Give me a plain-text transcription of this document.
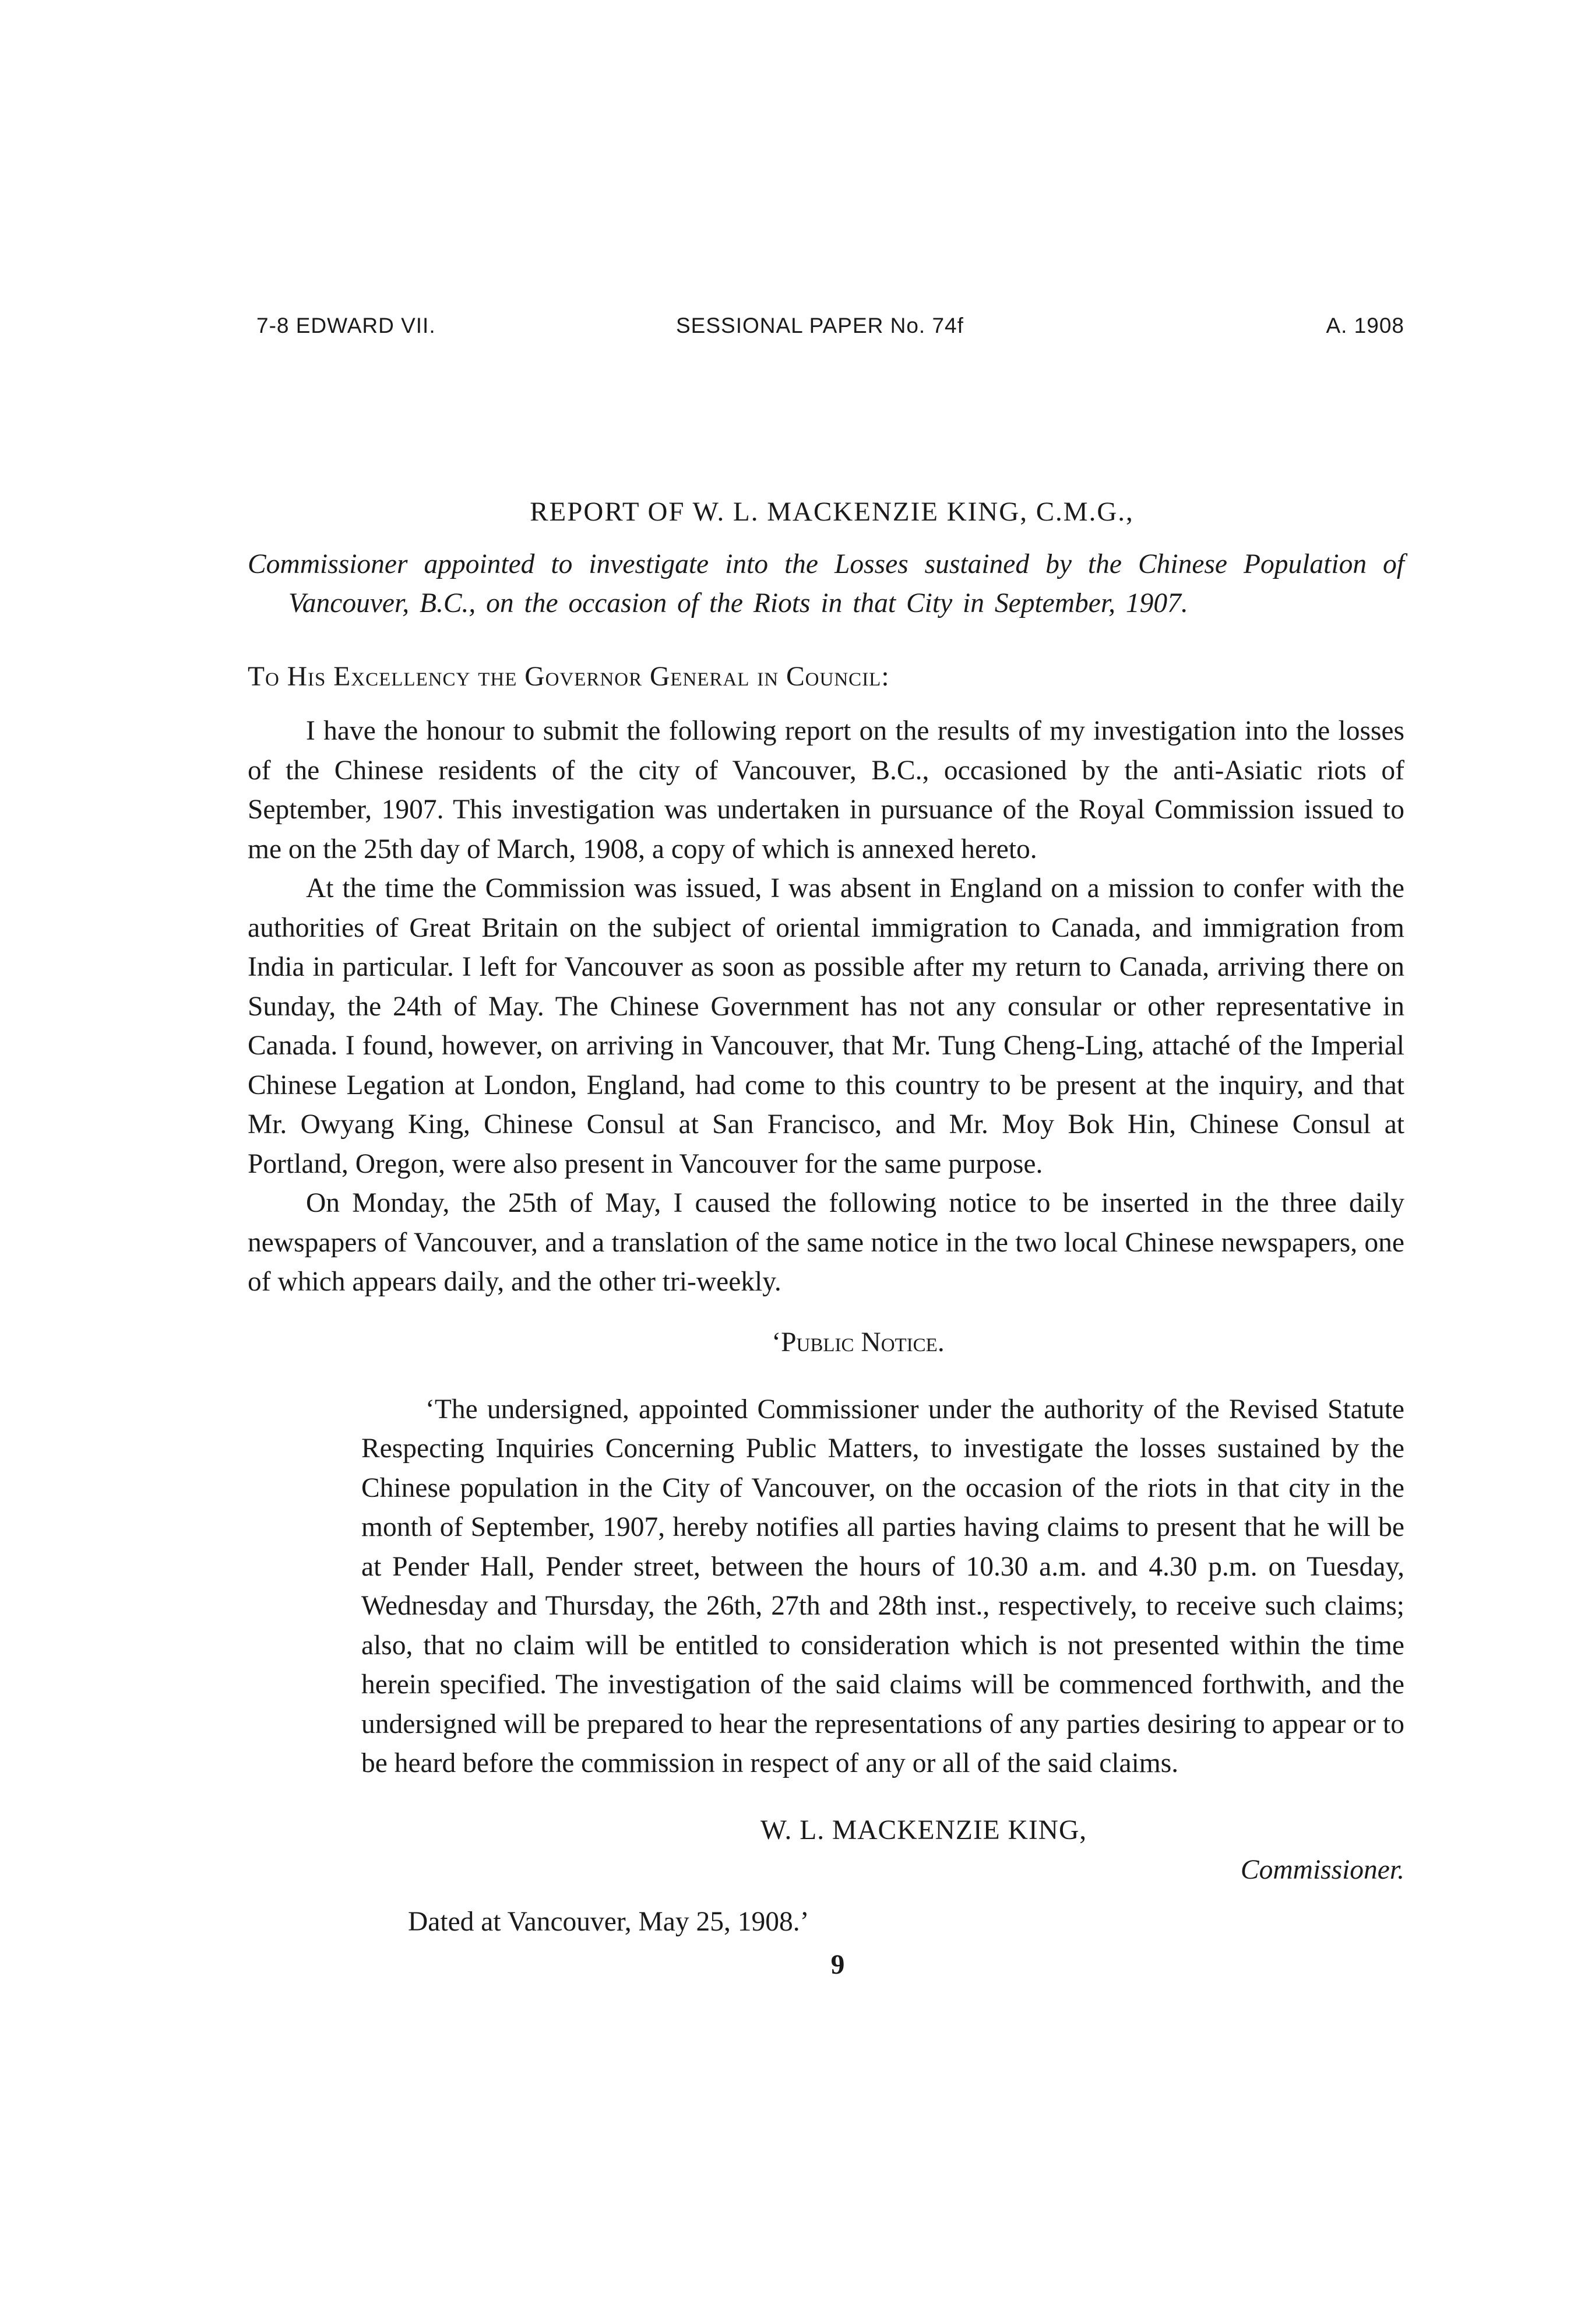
7-8 EDWARD VII.	SESSIONAL PAPER No. 74f	A. 1908

REPORT OF W. L. MACKENZIE KING, C.M.G.,

Commissioner appointed to investigate into the Losses sustained by the Chinese Population of Vancouver, B.C., on the occasion of the Riots in that City in September, 1907.

To His Excellency the Governor General in Council:

I have the honour to submit the following report on the results of my investigation into the losses of the Chinese residents of the city of Vancouver, B.C., occasioned by the anti-Asiatic riots of September, 1907. This investigation was undertaken in pursuance of the Royal Commission issued to me on the 25th day of March, 1908, a copy of which is annexed hereto.

At the time the Commission was issued, I was absent in England on a mission to confer with the authorities of Great Britain on the subject of oriental immigration to Canada, and immigration from India in particular. I left for Vancouver as soon as possible after my return to Canada, arriving there on Sunday, the 24th of May. The Chinese Government has not any consular or other representative in Canada. I found, however, on arriving in Vancouver, that Mr. Tung Cheng-Ling, attaché of the Imperial Chinese Legation at London, England, had come to this country to be present at the inquiry, and that Mr. Owyang King, Chinese Consul at San Francisco, and Mr. Moy Bok Hin, Chinese Consul at Portland, Oregon, were also present in Vancouver for the same purpose.

On Monday, the 25th of May, I caused the following notice to be inserted in the three daily newspapers of Vancouver, and a translation of the same notice in the two local Chinese newspapers, one of which appears daily, and the other tri-weekly.

‘Public Notice.

‘The undersigned, appointed Commissioner under the authority of the Revised Statute Respecting Inquiries Concerning Public Matters, to investigate the losses sustained by the Chinese population in the City of Vancouver, on the occasion of the riots in that city in the month of September, 1907, hereby notifies all parties having claims to present that he will be at Pender Hall, Pender street, between the hours of 10.30 a.m. and 4.30 p.m. on Tuesday, Wednesday and Thursday, the 26th, 27th and 28th inst., respectively, to receive such claims; also, that no claim will be entitled to consideration which is not presented within the time herein specified. The investigation of the said claims will be commenced forthwith, and the undersigned will be prepared to hear the representations of any parties desiring to appear or to be heard before the commission in respect of any or all of the said claims.

W. L. MACKENZIE KING,

Commissioner.

Dated at Vancouver, May 25, 1908.’

9
